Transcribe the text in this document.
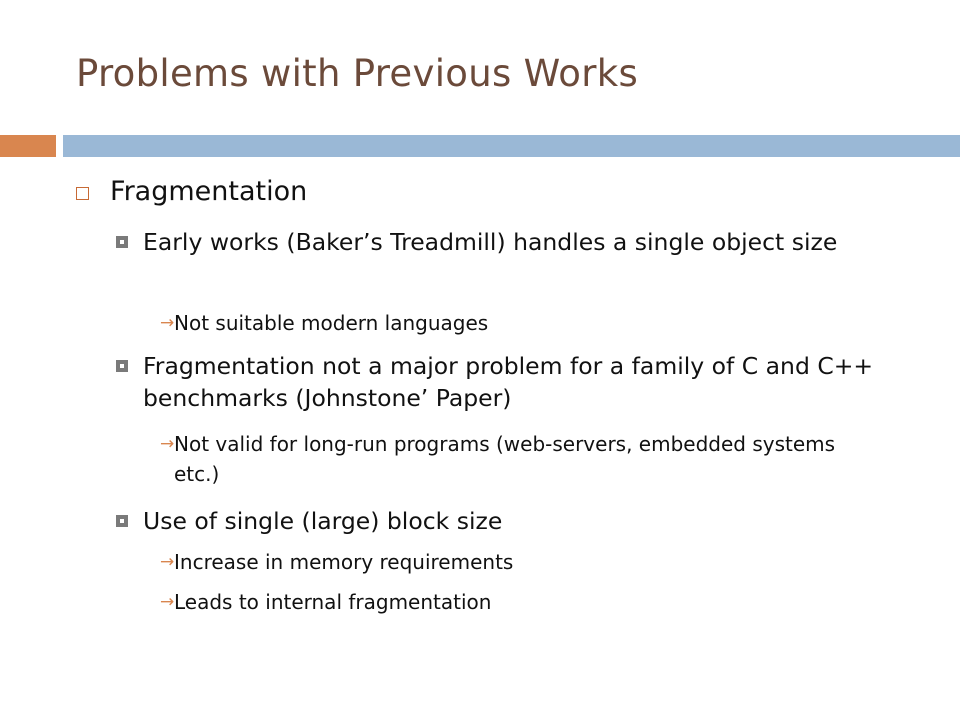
Problems with Previous Works
Fragmentation
Early works (Baker’s Treadmill) handles a single object size
→ Not suitable modern languages
Fragmentation not a major problem for a family of C and C++ benchmarks (Johnstone’ Paper)
→ Not valid for long-run programs (web-servers, embedded systems etc.)
Use of single (large) block size
→ Increase in memory requirements
→ Leads to internal fragmentation
